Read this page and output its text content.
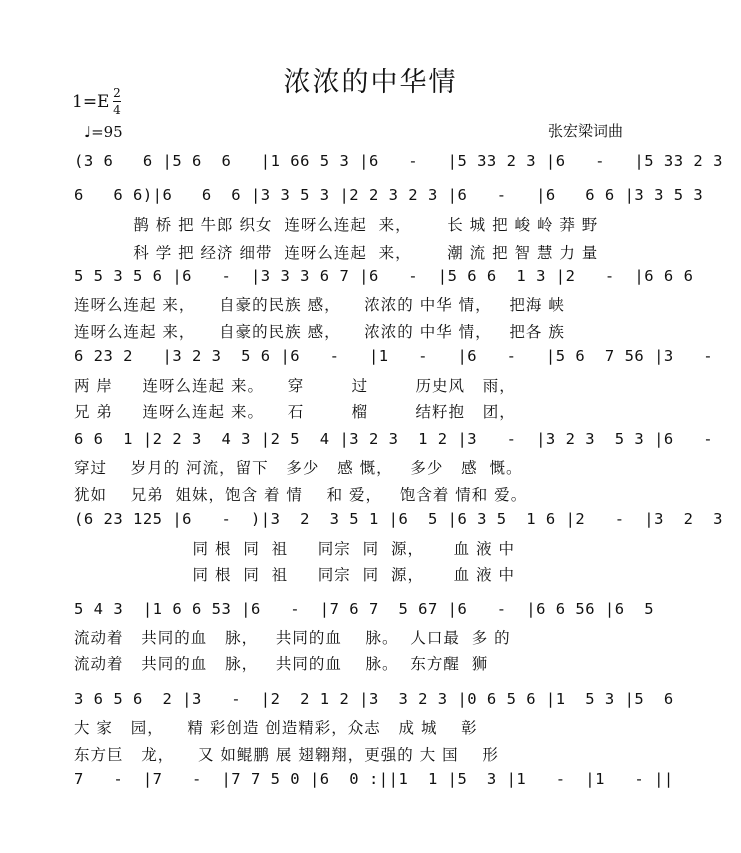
浓浓的中华情
1=E 2
4
♩=95	张宏梁词曲
(3 6   6 |5 6  6   |1 66 5 3 |6   -   |5 33 2 3 |6   -   |5 33 2 3
6   6 6)|6   6  6 |3 3 5 3 |2 2 3 2 3 |6   -   |6   6 6 |3 3 5 3
鹊 桥 把 牛郎 织女  连呀么连起  来，      长 城 把 峻 岭 莽 野
科 学 把 经济 细带  连呀么连起  来，      潮 流 把 智 慧 力 量
5 5 3 5 6 |6   -  |3 3 3 6 7 |6   -  |5 6 6  1 3 |2   -  |6 6 6
连呀么连起 来，    自豪的民族 感，    浓浓的 中华 情，   把海 峡
连呀么连起 来，    自豪的民族 感，    浓浓的 中华 情，   把各 族
6 23 2   |3 2 3  5 6 |6   -   |1   -   |6   -   |5 6  7 56 |3   -
两 岸     连呀么连起 来。    穿        过        历史风   雨，
兄 弟     连呀么连起 来。    石        榴        结籽抱   团，
6 6  1 |2 2 3  4 3 |2 5  4 |3 2 3  1 2 |3   -  |3 2 3  5 3 |6   -
穿过    岁月的 河流，留下   多少   感 慨，   多少   感  慨。
犹如    兄弟  姐妹，饱含 着 情    和 爱，   饱含着 情和 爱。
(6 23 125 |6   -  )|3  2  3 5 1 |6  5 |6 3 5  1 6 |2   -  |3  2  3
同 根  同  祖     同宗  同  源，     血 液 中
同 根  同  祖     同宗  同  源，     血 液 中
5 4 3  |1 6 6 53 |6   -  |7 6 7  5 67 |6   -  |6 6 56 |6  5
流动着   共同的血   脉，   共同的血    脉。  人口最  多 的
流动着   共同的血   脉，   共同的血    脉。  东方醒  狮
3 6 5 6  2 |3   -  |2  2 1 2 |3  3 2 3 |0 6 5 6 |1  5 3 |5  6
大 家   园，    精 彩创造 创造精彩，众志   成 城    彰
东方巨   龙，    又 如鲲鹏 展 翅翱翔，更强的 大 国    形
7   -  |7   -  |7 7 5 0 |6  0 :||1  1 |5  3 |1   -  |1   - ||
